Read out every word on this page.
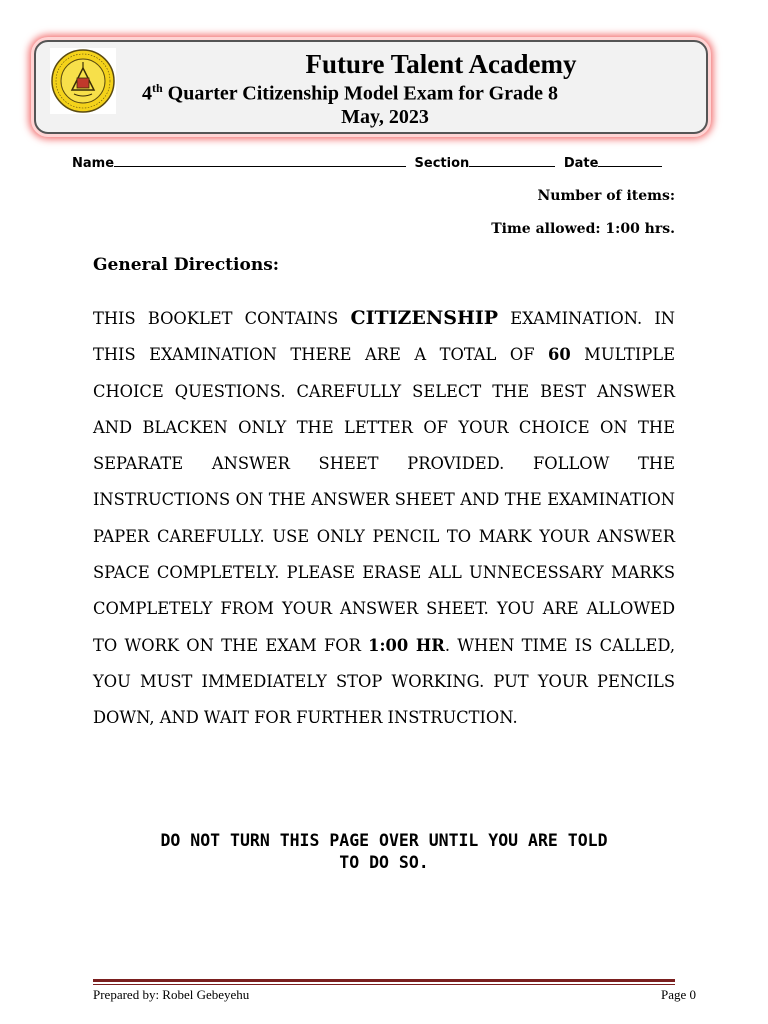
Future Talent Academy
4th Quarter Citizenship Model Exam for Grade 8
May, 2023
Name	Section	Date
Number of items:
Time allowed: 1:00 hrs.
General Directions:
THIS BOOKLET CONTAINS CITIZENSHIP EXAMINATION. IN THIS EXAMINATION THERE ARE A TOTAL OF 60 MULTIPLE CHOICE QUESTIONS. CAREFULLY SELECT THE BEST ANSWER AND BLACKEN ONLY THE LETTER OF YOUR CHOICE ON THE SEPARATE ANSWER SHEET PROVIDED. FOLLOW THE INSTRUCTIONS ON THE ANSWER SHEET AND THE EXAMINATION PAPER CAREFULLY. USE ONLY PENCIL TO MARK YOUR ANSWER SPACE COMPLETELY. PLEASE ERASE ALL UNNECESSARY MARKS COMPLETELY FROM YOUR ANSWER SHEET. YOU ARE ALLOWED TO WORK ON THE EXAM FOR 1:00 HR. WHEN TIME IS CALLED, YOU MUST IMMEDIATELY STOP WORKING. PUT YOUR PENCILS DOWN, AND WAIT FOR FURTHER INSTRUCTION.
DO NOT TURN THIS PAGE OVER UNTIL YOU ARE TOLD
TO DO SO.
Prepared by: Robel Gebeyehu	Page 0
